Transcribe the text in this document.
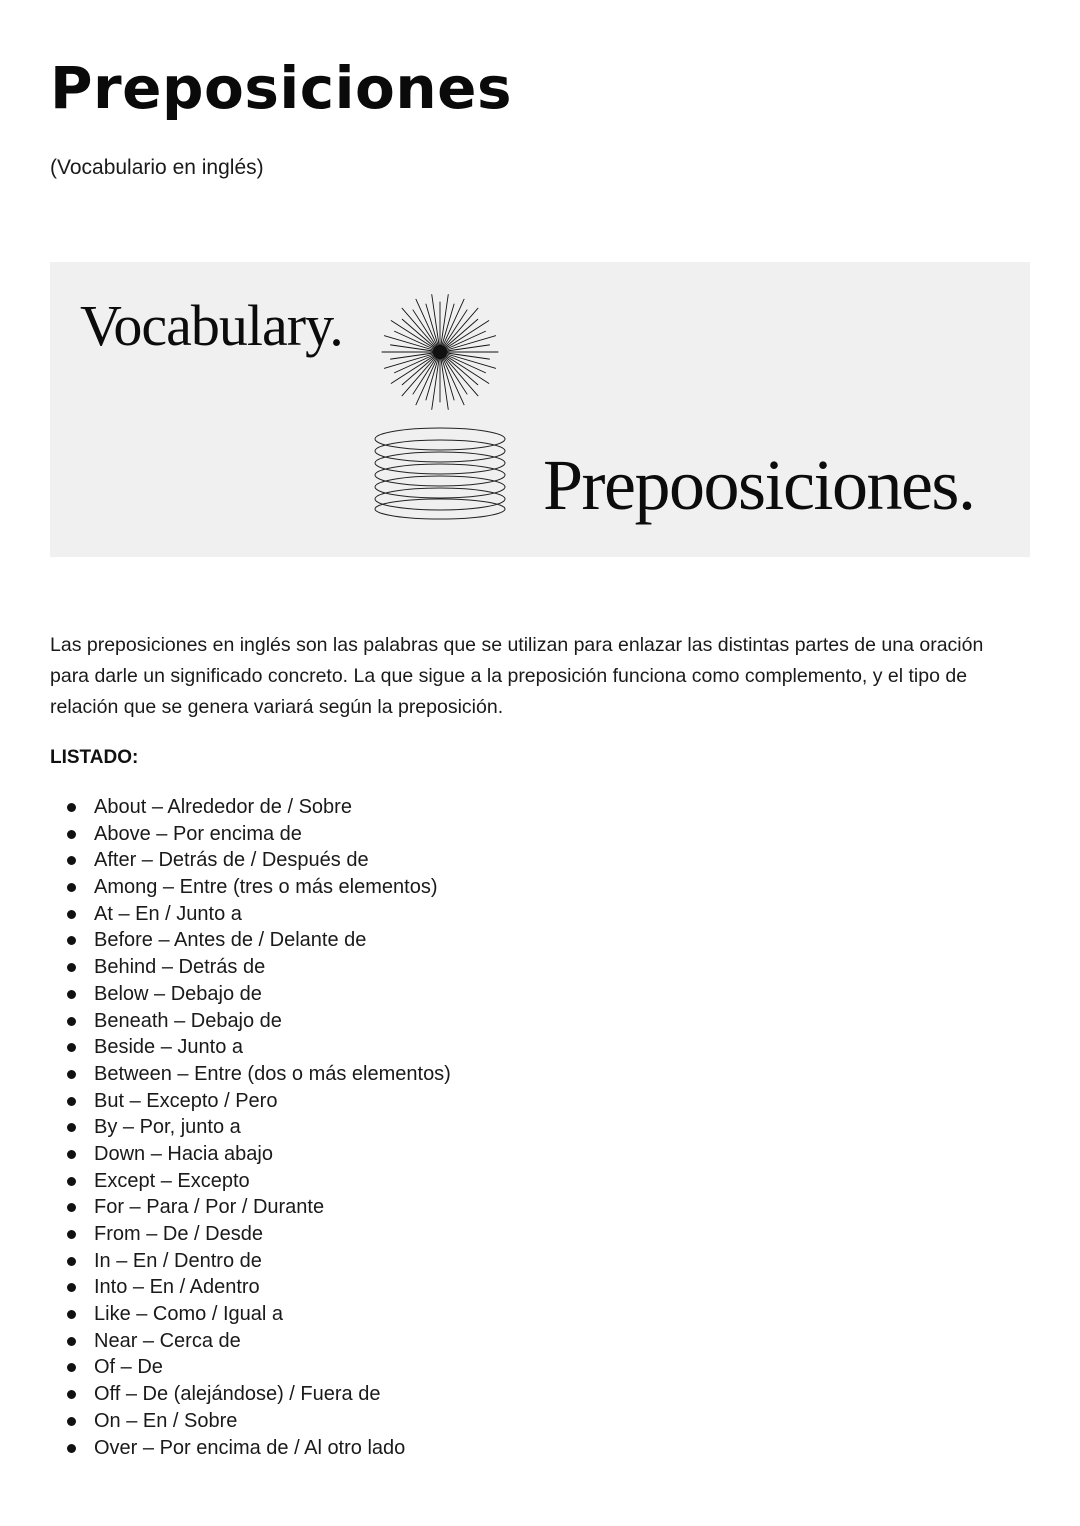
Preposiciones

(Vocabulario en inglés)

Vocabulary.
Prepoosiciones.

Las preposiciones en inglés son las palabras que se utilizan para enlazar las distintas partes de una oración para darle un significado concreto. La que sigue a la preposición funciona como complemento, y el tipo de relación que se genera variará según la preposición.

LISTADO:

About – Alrededor de / Sobre
Above – Por encima de
After – Detrás de / Después de
Among – Entre (tres o más elementos)
At – En / Junto a
Before – Antes de / Delante de
Behind – Detrás de
Below – Debajo de
Beneath – Debajo de
Beside – Junto a
Between – Entre (dos o más elementos)
But – Excepto / Pero
By – Por, junto a
Down – Hacia abajo
Except – Excepto
For – Para / Por / Durante
From – De / Desde
In – En / Dentro de
Into – En / Adentro
Like – Como / Igual a
Near – Cerca de
Of – De
Off – De (alejándose) / Fuera de
On – En / Sobre
Over – Por encima de / Al otro lado
